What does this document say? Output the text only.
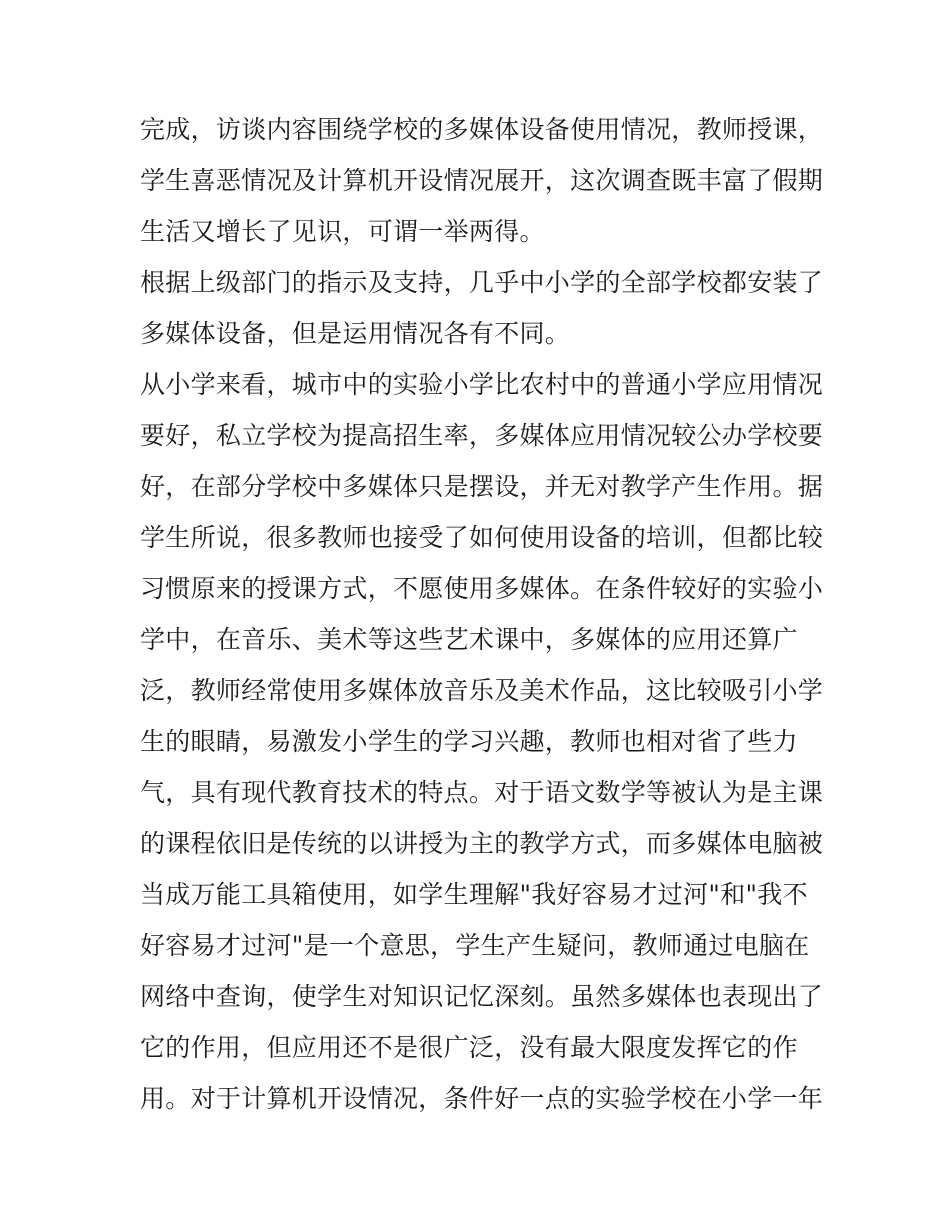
完成，访谈内容围绕学校的多媒体设备使用情况，教师授课，
学生喜恶情况及计算机开设情况展开，这次调查既丰富了假期
生活又增长了见识，可谓一举两得。
根据上级部门的指示及支持，几乎中小学的全部学校都安装了
多媒体设备，但是运用情况各有不同。
从小学来看，城市中的实验小学比农村中的普通小学应用情况
要好，私立学校为提高招生率，多媒体应用情况较公办学校要
好，在部分学校中多媒体只是摆设，并无对教学产生作用。据
学生所说，很多教师也接受了如何使用设备的培训，但都比较
习惯原来的授课方式，不愿使用多媒体。在条件较好的实验小
学中，在音乐、美术等这些艺术课中，多媒体的应用还算广
泛，教师经常使用多媒体放音乐及美术作品，这比较吸引小学
生的眼睛，易激发小学生的学习兴趣，教师也相对省了些力
气，具有现代教育技术的特点。对于语文数学等被认为是主课
的课程依旧是传统的以讲授为主的教学方式，而多媒体电脑被
当成万能工具箱使用，如学生理解"我好容易才过河"和"我不
好容易才过河"是一个意思，学生产生疑问，教师通过电脑在
网络中查询，使学生对知识记忆深刻。虽然多媒体也表现出了
它的作用，但应用还不是很广泛，没有最大限度发挥它的作
用。对于计算机开设情况，条件好一点的实验学校在小学一年
